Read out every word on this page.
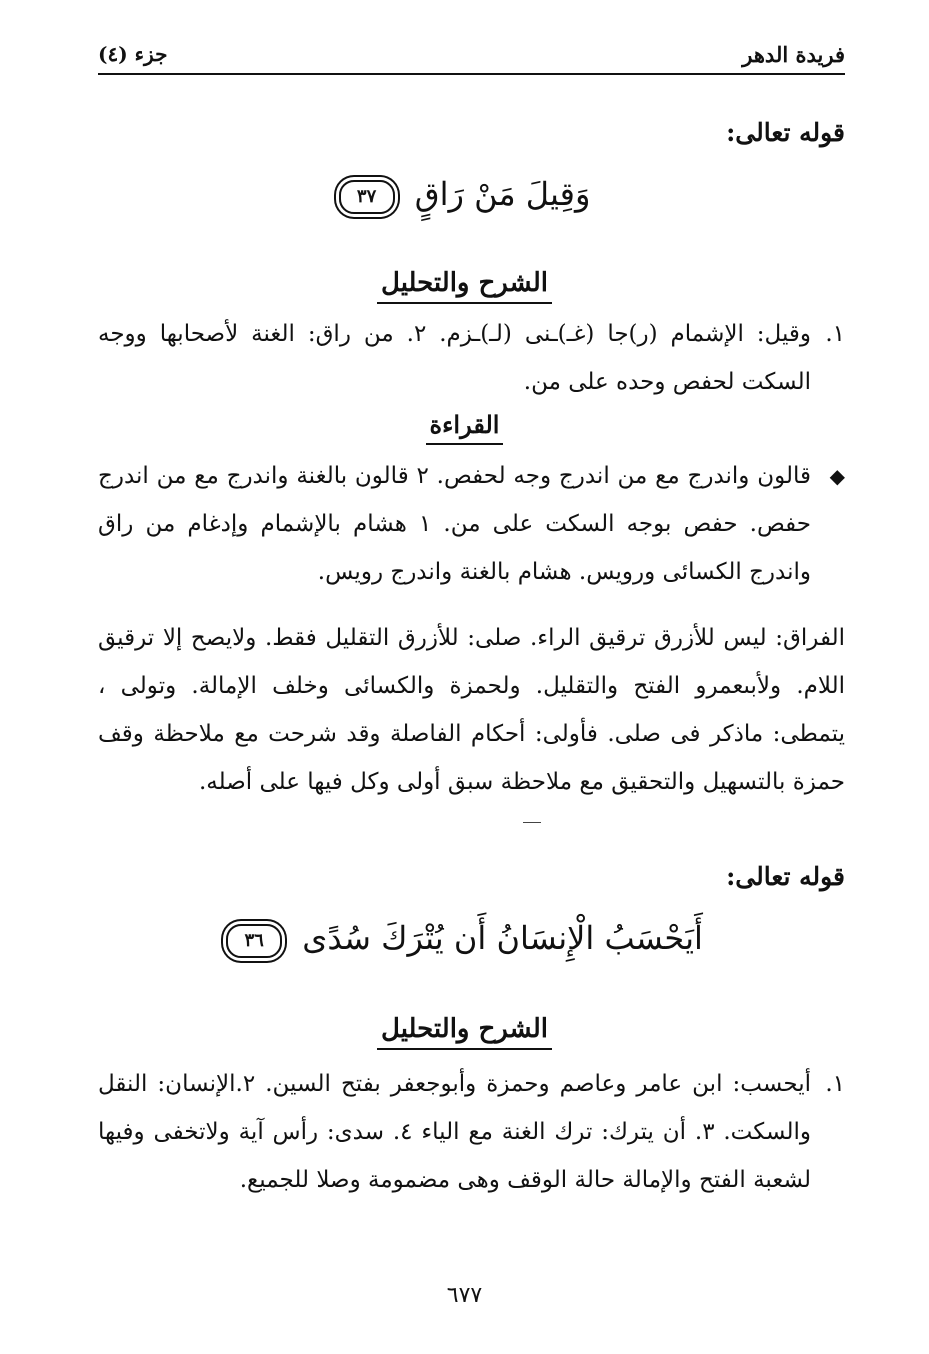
فريدة الدهر
جزء (٤)
قوله تعالى:
وَقِيلَ مَنْ رَاقٍ ٣٧
الشرح والتحليل
١.
وقيل: الإشمام (ر)جا (غـ)ـنى (لـ)ـزم. ٢. من راق: الغنة لأصحابها ووجه السكت لحفص وحده على من.
القراءة
◆
قالون واندرج مع من اندرج وجه لحفص. ٢ قالون بالغنة واندرج مع من اندرج حفص. حفص بوجه السكت على من. ١ هشام بالإشمام وإدغام من راق واندرج الكسائى ورويس. هشام بالغنة واندرج رويس.
الفراق: ليس للأزرق ترقيق الراء. صلى: للأزرق التقليل فقط. ولايصح إلا ترقيق اللام. ولأبىعمرو الفتح والتقليل. ولحمزة والكسائى وخلف الإمالة. وتولى ، يتمطى: ماذكر فى صلى. فأولى: أحكام الفاصلة وقد شرحت مع ملاحظة وقف حمزة بالتسهيل والتحقيق مع ملاحظة سبق أولى وكل فيها على أصله.
قوله تعالى:
أَيَحْسَبُ الْإِنسَانُ أَن يُتْرَكَ سُدًى ٣٦
الشرح والتحليل
١.
أيحسب: ابن عامر وعاصم وحمزة وأبوجعفر بفتح السين. ٢.الإنسان: النقل والسكت. ٣. أن يترك: ترك الغنة مع الياء ٤. سدى: رأس آية ولاتخفى وفيها لشعبة الفتح والإمالة حالة الوقف وهى مضمومة وصلا للجميع.
٦٧٧
